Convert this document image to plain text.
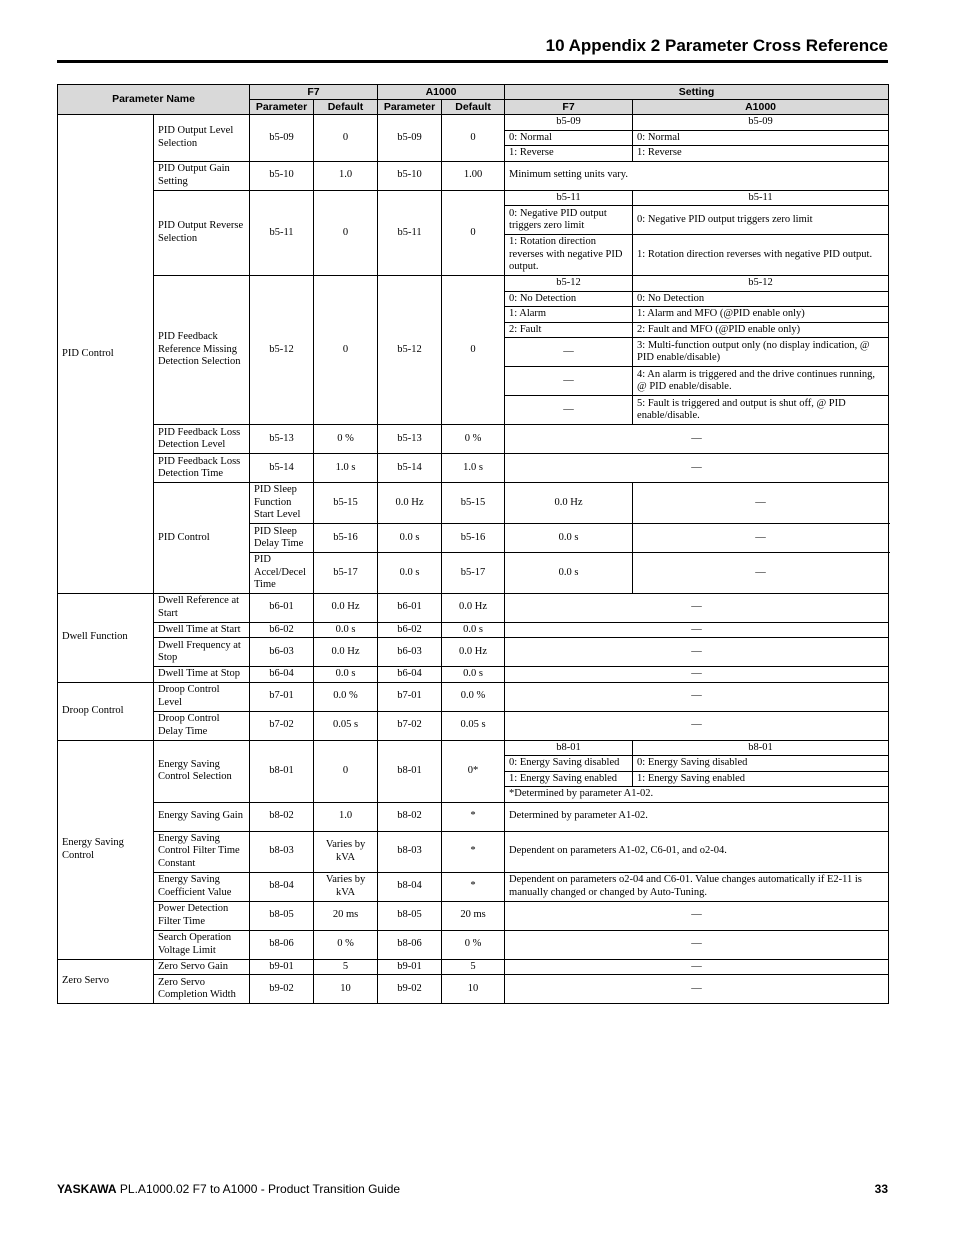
10 Appendix 2 Parameter Cross Reference
Parameter Name		F7		A1000		Setting	
		Parameter	Default	Parameter	Default	F7	A1000
PID Control	PID Output Level Selection	b5-09	0	b5-09	0	b5-09	b5-09
						0: Normal	0: Normal
						1: Reverse	1: Reverse
	PID Output Gain Setting	b5-10	1.0	b5-10	1.00	Minimum setting units vary.	
	PID Output Reverse Selection	b5-11	0	b5-11	0	b5-11	b5-11
						0: Negative PID output triggers zero limit	0: Negative PID output triggers zero limit
						1: Rotation direction reverses with negative PID output.	1: Rotation direction reverses with negative PID output.
	PID Feedback Reference Missing Detection Selection	b5-12	0	b5-12	0	b5-12	b5-12
						0: No Detection	0: No Detection
						1: Alarm	1: Alarm and MFO (@PID enable only)
						2: Fault	2: Fault and MFO (@PID enable only)
						—	3: Multi-function output only (no display indication, @ PID enable/disable)
						—	4: An alarm is triggered and the drive continues running, @ PID enable/disable.
						—	5: Fault is triggered and output is shut off, @ PID enable/disable.
	PID Feedback Loss Detection Level	b5-13	0 %	b5-13	0 %	—	
	PID Feedback Loss Detection Time	b5-14	1.0 s	b5-14	1.0 s	—	
	PID Control	PID Sleep Function Start Level	b5-15	0.0 Hz	b5-15	0.0 Hz	—
		PID Sleep Delay Time	b5-16	0.0 s	b5-16	0.0 s	—
		PID Accel/Decel Time	b5-17	0.0 s	b5-17	0.0 s	—
Dwell Function	Dwell Reference at Start	b6-01	0.0 Hz	b6-01	0.0 Hz	—	
	Dwell Time at Start	b6-02	0.0 s	b6-02	0.0 s	—	
	Dwell Frequency at Stop	b6-03	0.0 Hz	b6-03	0.0 Hz	—	
	Dwell Time at Stop	b6-04	0.0 s	b6-04	0.0 s	—	
Droop Control	Droop Control Level	b7-01	0.0 %	b7-01	0.0 %	—	
	Droop Control Delay Time	b7-02	0.05 s	b7-02	0.05 s	—	
Energy Saving Control	Energy Saving Control Selection	b8-01	0	b8-01	0*	b8-01	b8-01
						0: Energy Saving disabled	0: Energy Saving disabled
						1: Energy Saving enabled	1: Energy Saving enabled
						*Determined by parameter A1-02.	
	Energy Saving Gain	b8-02	1.0	b8-02	*	Determined by parameter A1-02.	
	Energy Saving Control Filter Time Constant	b8-03	Varies by kVA	b8-03	*	Dependent on parameters A1-02, C6-01, and o2-04.	
	Energy Saving Coefficient Value	b8-04	Varies by kVA	b8-04	*	Dependent on parameters o2-04 and C6-01. Value changes automatically if E2-11 is manually changed or changed by Auto-Tuning.	
	Power Detection Filter Time	b8-05	20 ms	b8-05	20 ms	—	
	Search Operation Voltage Limit	b8-06	0 %	b8-06	0 %	—	
Zero Servo	Zero Servo Gain	b9-01	5	b9-01	5	—	
	Zero Servo Completion Width	b9-02	10	b9-02	10	—	
YASKAWA PL.A1000.02 F7 to A1000 - Product Transition Guide	33
